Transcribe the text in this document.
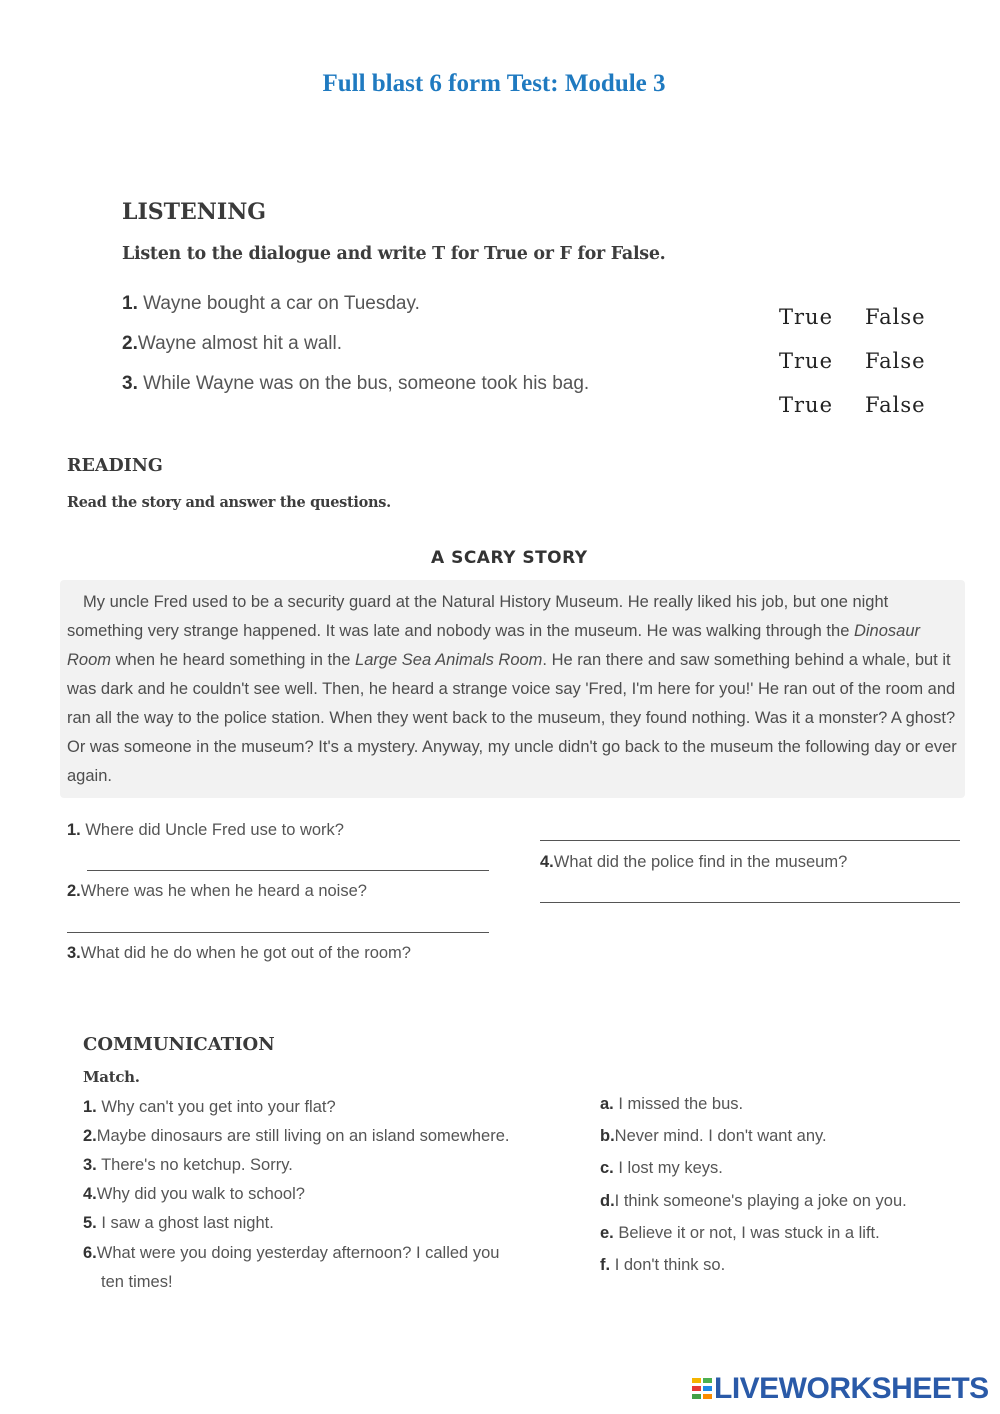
Full blast 6 form Test: Module 3
LISTENING
Listen to the dialogue and write T for True or F for False.
1. Wayne bought a car on Tuesday.
2.Wayne almost hit a wall.
3. While Wayne was on the bus, someone took his bag.
True False
True False
True False
READING
Read the story and answer the questions.
A SCARY STORY
My uncle Fred used to be a security guard at the Natural History Museum. He really liked his job, but one night something very strange happened. It was late and nobody was in the museum. He was walking through the Dinosaur Room when he heard something in the Large Sea Animals Room. He ran there and saw something behind a whale, but it was dark and he couldn't see well. Then, he heard a strange voice say 'Fred, I'm here for you!' He ran out of the room and ran all the way to the police station. When they went back to the museum, they found nothing. Was it a monster? A ghost? Or was someone in the museum? It's a mystery. Anyway, my uncle didn't go back to the museum the following day or ever again.
1. Where did Uncle Fred use to work?
2.Where was he when he heard a noise?
3.What did he do when he got out of the room?
4.What did the police find in the museum?
COMMUNICATION
Match.
1. Why can't you get into your flat?
2.Maybe dinosaurs are still living on an island somewhere.
3. There's no ketchup. Sorry.
4.Why did you walk to school?
5. I saw a ghost last night.
6.What were you doing yesterday afternoon? I called you
ten times!
a. I missed the bus.
b.Never mind. I don't want any.
c. I lost my keys.
d.I think someone's playing a joke on you.
e. Believe it or not, I was stuck in a lift.
f. I don't think so.
LIVEWORKSHEETS
